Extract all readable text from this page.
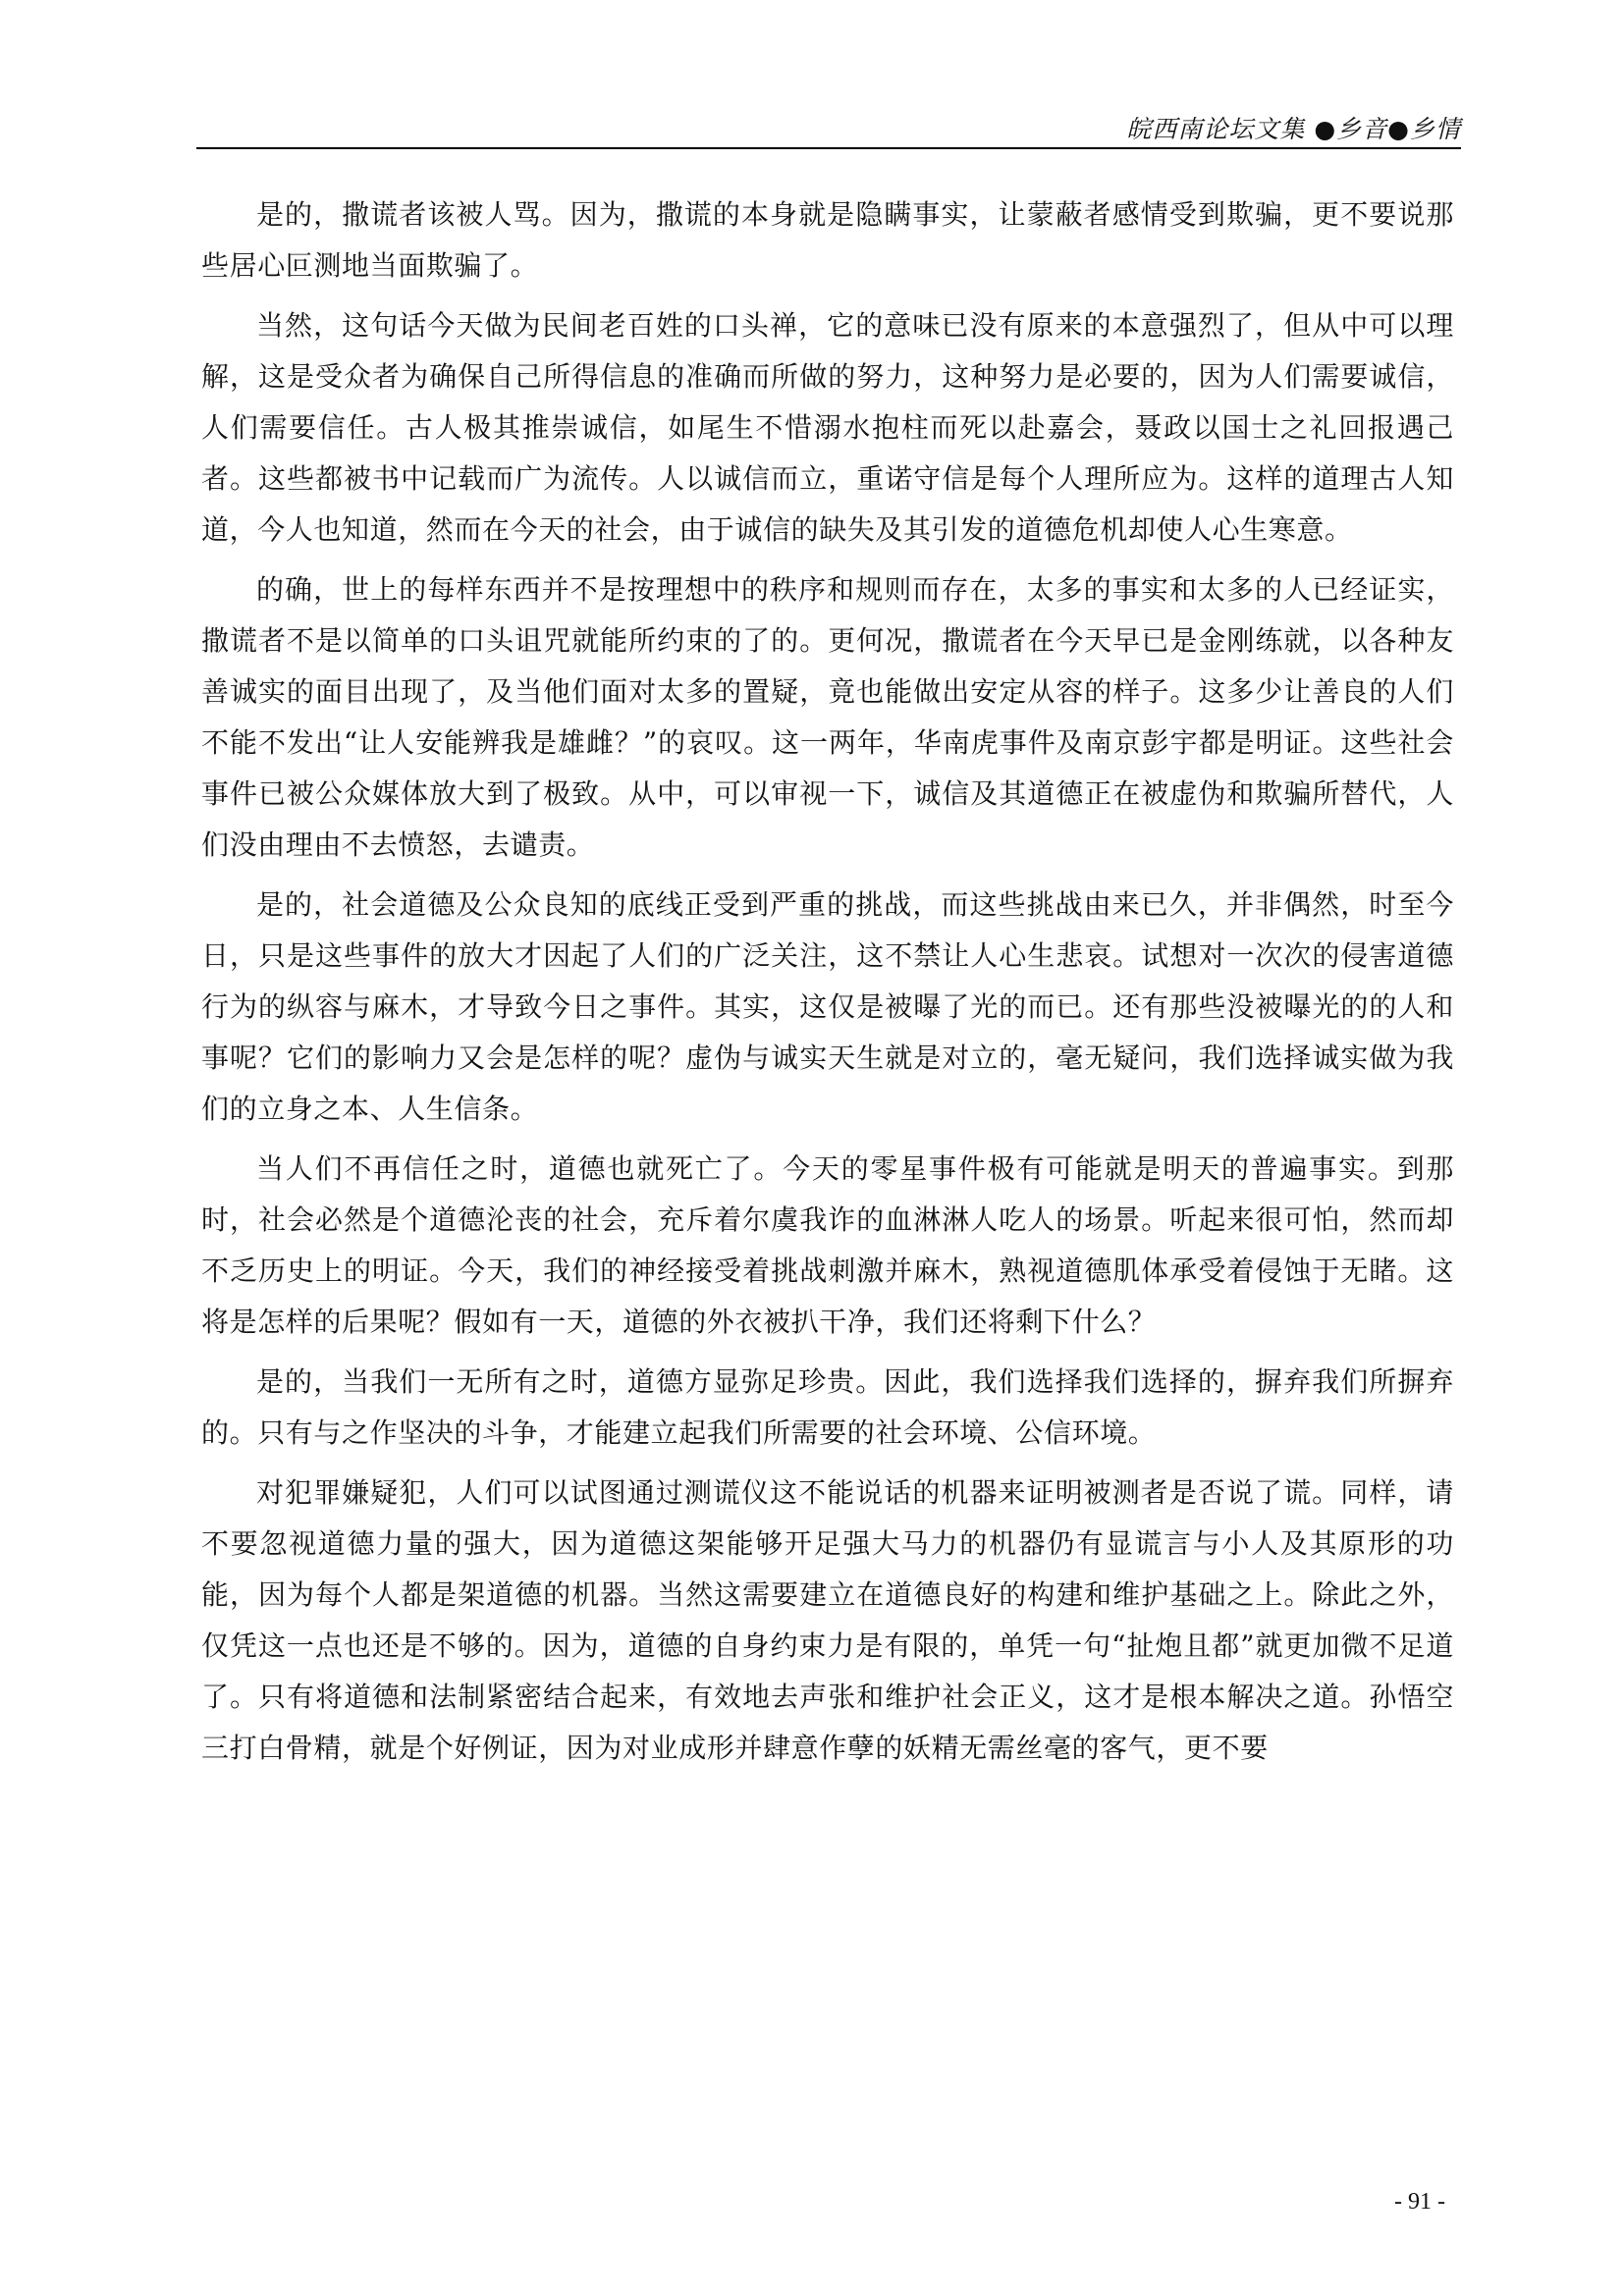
皖西南论坛文集 ●乡音●乡情

是的，撒谎者该被人骂。因为，撒谎的本身就是隐瞒事实，让蒙蔽者感情受到欺骗，更不要说那些居心叵测地当面欺骗了。

当然，这句话今天做为民间老百姓的口头禅，它的意味已没有原来的本意强烈了，但从中可以理解，这是受众者为确保自己所得信息的准确而所做的努力，这种努力是必要的，因为人们需要诚信，人们需要信任。古人极其推崇诚信，如尾生不惜溺水抱柱而死以赴嘉会，聂政以国士之礼回报遇己者。这些都被书中记载而广为流传。人以诚信而立，重诺守信是每个人理所应为。这样的道理古人知道，今人也知道，然而在今天的社会，由于诚信的缺失及其引发的道德危机却使人心生寒意。

的确，世上的每样东西并不是按理想中的秩序和规则而存在，太多的事实和太多的人已经证实，撒谎者不是以简单的口头诅咒就能所约束的了的。更何况，撒谎者在今天早已是金刚练就，以各种友善诚实的面目出现了，及当他们面对太多的置疑，竟也能做出安定从容的样子。这多少让善良的人们不能不发出“让人安能辨我是雄雌？”的哀叹。这一两年，华南虎事件及南京彭宇都是明证。这些社会事件已被公众媒体放大到了极致。从中，可以审视一下，诚信及其道德正在被虚伪和欺骗所替代，人们没由理由不去愤怒，去谴责。

是的，社会道德及公众良知的底线正受到严重的挑战，而这些挑战由来已久，并非偶然，时至今日，只是这些事件的放大才因起了人们的广泛关注，这不禁让人心生悲哀。试想对一次次的侵害道德行为的纵容与麻木，才导致今日之事件。其实，这仅是被曝了光的而已。还有那些没被曝光的的人和事呢？它们的影响力又会是怎样的呢？虚伪与诚实天生就是对立的，毫无疑问，我们选择诚实做为我们的立身之本、人生信条。

当人们不再信任之时，道德也就死亡了。今天的零星事件极有可能就是明天的普遍事实。到那时，社会必然是个道德沦丧的社会，充斥着尔虞我诈的血淋淋人吃人的场景。听起来很可怕，然而却不乏历史上的明证。今天，我们的神经接受着挑战刺激并麻木，熟视道德肌体承受着侵蚀于无睹。这将是怎样的后果呢？假如有一天，道德的外衣被扒干净，我们还将剩下什么？

是的，当我们一无所有之时，道德方显弥足珍贵。因此，我们选择我们选择的，摒弃我们所摒弃的。只有与之作坚决的斗争，才能建立起我们所需要的社会环境、公信环境。

对犯罪嫌疑犯，人们可以试图通过测谎仪这不能说话的机器来证明被测者是否说了谎。同样，请不要忽视道德力量的强大，因为道德这架能够开足强大马力的机器仍有显谎言与小人及其原形的功能，因为每个人都是架道德的机器。当然这需要建立在道德良好的构建和维护基础之上。除此之外，仅凭这一点也还是不够的。因为，道德的自身约束力是有限的，单凭一句“扯炮且都”就更加微不足道了。只有将道德和法制紧密结合起来，有效地去声张和维护社会正义，这才是根本解决之道。孙悟空三打白骨精，就是个好例证，因为对业成形并肆意作孽的妖精无需丝毫的客气，更不要

- 91 -
